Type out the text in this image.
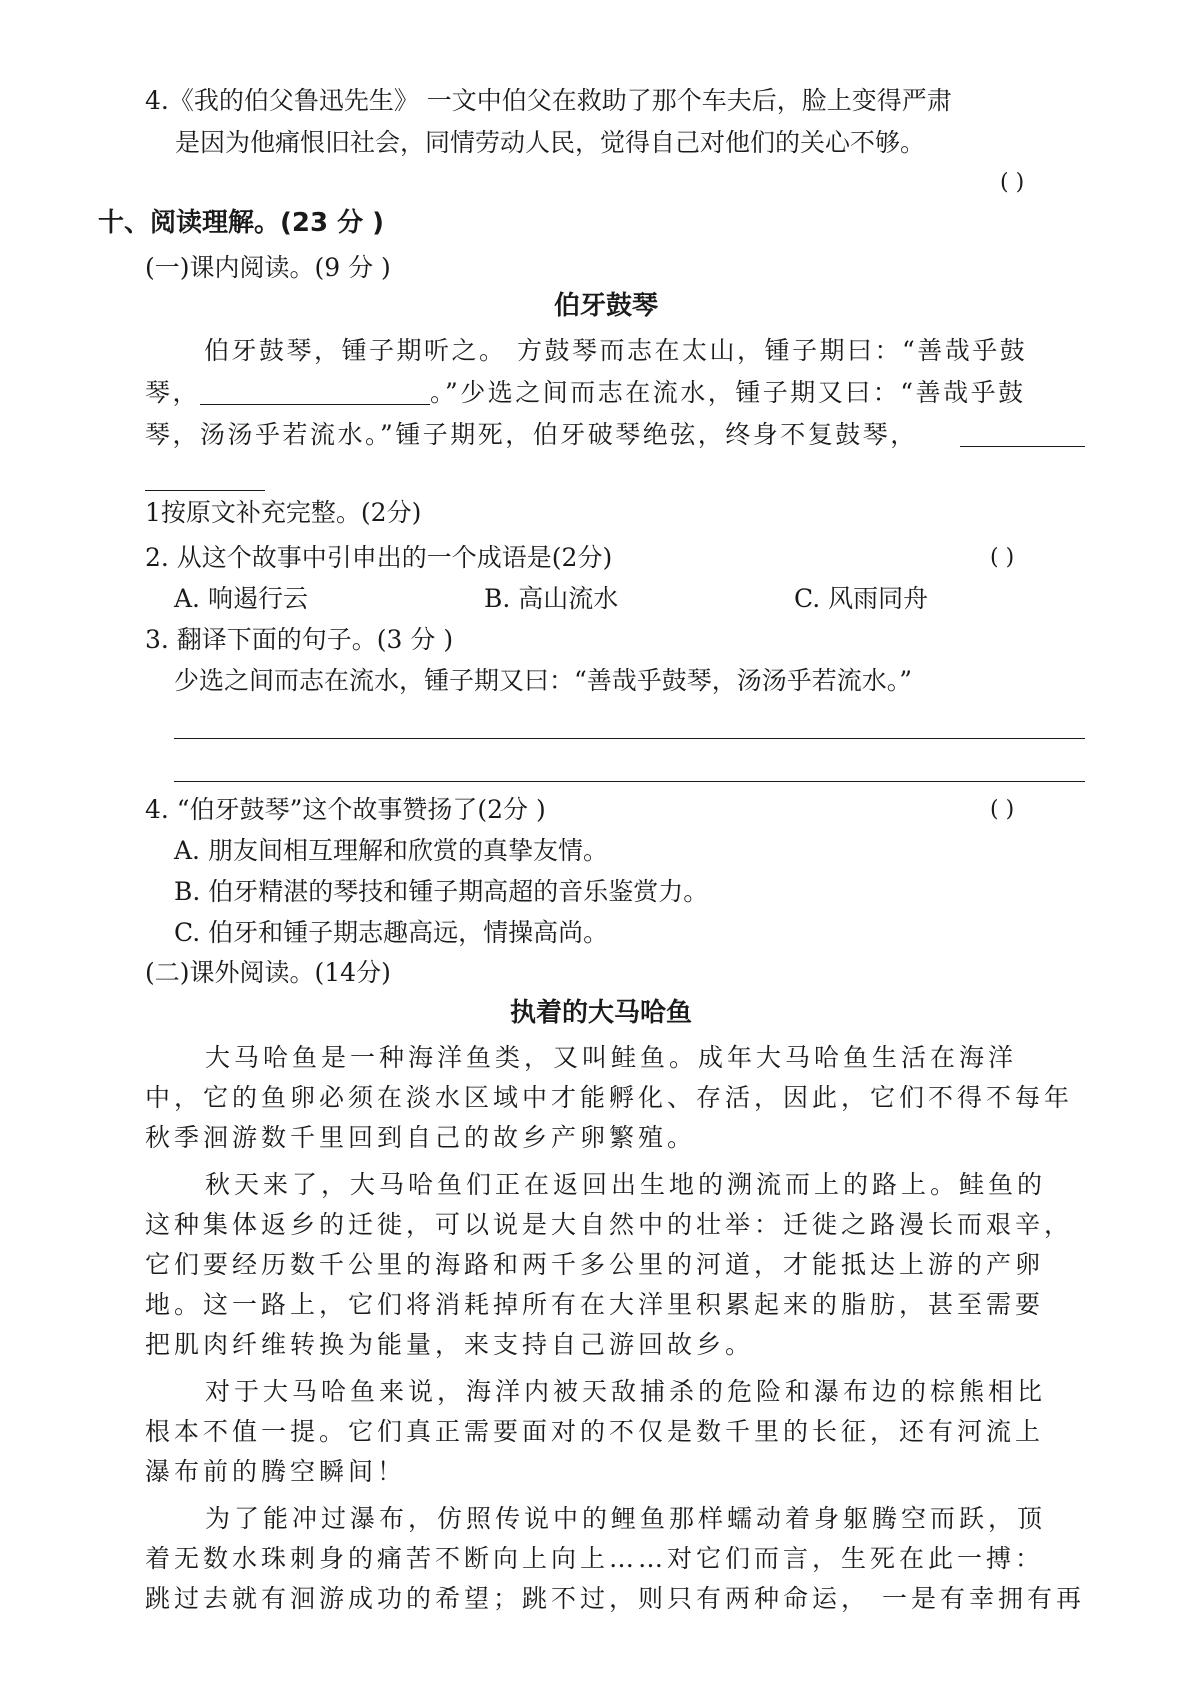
4.《我的伯父鲁迅先生》 一文中伯父在救助了那个车夫后，脸上变得严肃
是因为他痛恨旧社会，同情劳动人民，觉得自己对他们的关心不够。
( )
十、阅读理解。(23 分 )
(一)课内阅读。(9 分 )
伯牙鼓琴
伯牙鼓琴，锺子期听之。 方鼓琴而志在太山，锺子期曰：“善哉乎鼓
琴，	。”少选之间而志在流水，锺子期又曰：“善哉乎鼓
琴，汤汤乎若流水。”锺子期死，伯牙破琴绝弦，终身不复鼓琴，
1按原文补充完整。(2分)
2. 从这个故事中引申出的一个成语是(2分)	( )
A. 响遏行云	B. 高山流水	C. 风雨同舟
3. 翻译下面的句子。(3 分 )
少选之间而志在流水，锺子期又曰：“善哉乎鼓琴，汤汤乎若流水。”
4. “伯牙鼓琴”这个故事赞扬了(2分 )	( )
A. 朋友间相互理解和欣赏的真挚友情。
B. 伯牙精湛的琴技和锺子期高超的音乐鉴赏力。
C. 伯牙和锺子期志趣高远，情操高尚。
(二)课外阅读。(14分)
执着的大马哈鱼
大马哈鱼是一种海洋鱼类，又叫鲑鱼。成年大马哈鱼生活在海洋
中，它的鱼卵必须在淡水区域中才能孵化、存活，因此，它们不得不每年
秋季洄游数千里回到自己的故乡产卵繁殖。
秋天来了，大马哈鱼们正在返回出生地的溯流而上的路上。鲑鱼的
这种集体返乡的迁徙，可以说是大自然中的壮举：迁徙之路漫长而艰辛，
它们要经历数千公里的海路和两千多公里的河道，才能抵达上游的产卵
地。这一路上，它们将消耗掉所有在大洋里积累起来的脂肪，甚至需要
把肌肉纤维转换为能量，来支持自己游回故乡。
对于大马哈鱼来说，海洋内被天敌捕杀的危险和瀑布边的棕熊相比
根本不值一提。它们真正需要面对的不仅是数千里的长征，还有河流上
瀑布前的腾空瞬间！
为了能冲过瀑布，仿照传说中的鲤鱼那样蠕动着身躯腾空而跃，顶
着无数水珠刺身的痛苦不断向上向上……对它们而言，生死在此一搏：
跳过去就有洄游成功的希望；跳不过，则只有两种命运， 一是有幸拥有再
